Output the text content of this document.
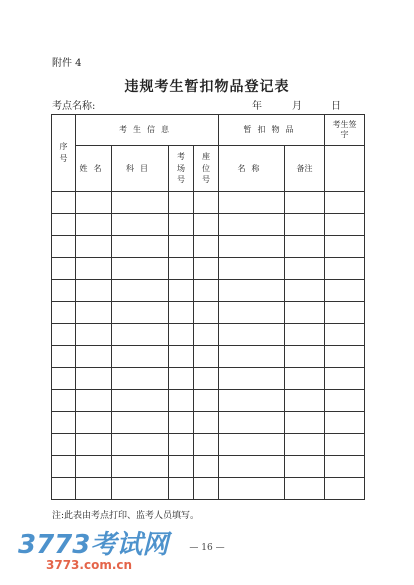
附件 4
违规考生暂扣物品登记表
考点名称:	年	月	日
序号	考生信息				暂扣物品		考生签字
	姓名	科目	考场号	座位号	名称	备注	

注:此表由考点打印、监考人员填写。
— 16 —
3773考试网
3773.com.cn
